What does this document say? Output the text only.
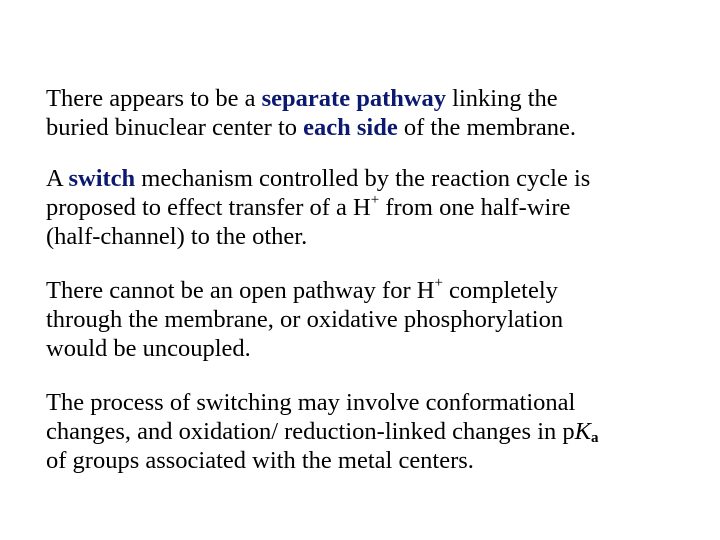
There appears to be a separate pathway linking the
buried binuclear center to each side of the membrane.

A switch mechanism controlled by the reaction cycle is
proposed to effect transfer of a H+ from one half-wire
(half-channel) to the other.

There cannot be an open pathway for H+ completely
through the membrane, or oxidative phosphorylation
would be uncoupled.

The process of switching may involve conformational
changes, and oxidation/ reduction-linked changes in pKa
of groups associated with the metal centers.
